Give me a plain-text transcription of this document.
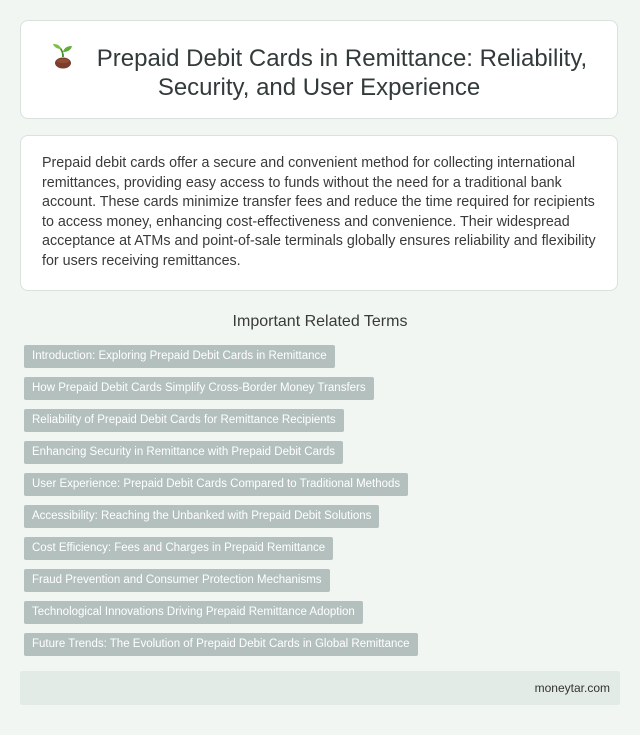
Prepaid Debit Cards in Remittance: Reliability,
Security, and User Experience

Prepaid debit cards offer a secure and convenient method for collecting international remittances, providing easy access to funds without the need for a traditional bank account. These cards minimize transfer fees and reduce the time required for recipients to access money, enhancing cost-effectiveness and convenience. Their widespread acceptance at ATMs and point-of-sale terminals globally ensures reliability and flexibility for users receiving remittances.

Important Related Terms
Introduction: Exploring Prepaid Debit Cards in Remittance
How Prepaid Debit Cards Simplify Cross-Border Money Transfers
Reliability of Prepaid Debit Cards for Remittance Recipients
Enhancing Security in Remittance with Prepaid Debit Cards
User Experience: Prepaid Debit Cards Compared to Traditional Methods
Accessibility: Reaching the Unbanked with Prepaid Debit Solutions
Cost Efficiency: Fees and Charges in Prepaid Remittance
Fraud Prevention and Consumer Protection Mechanisms
Technological Innovations Driving Prepaid Remittance Adoption
Future Trends: The Evolution of Prepaid Debit Cards in Global Remittance
moneytar.com
